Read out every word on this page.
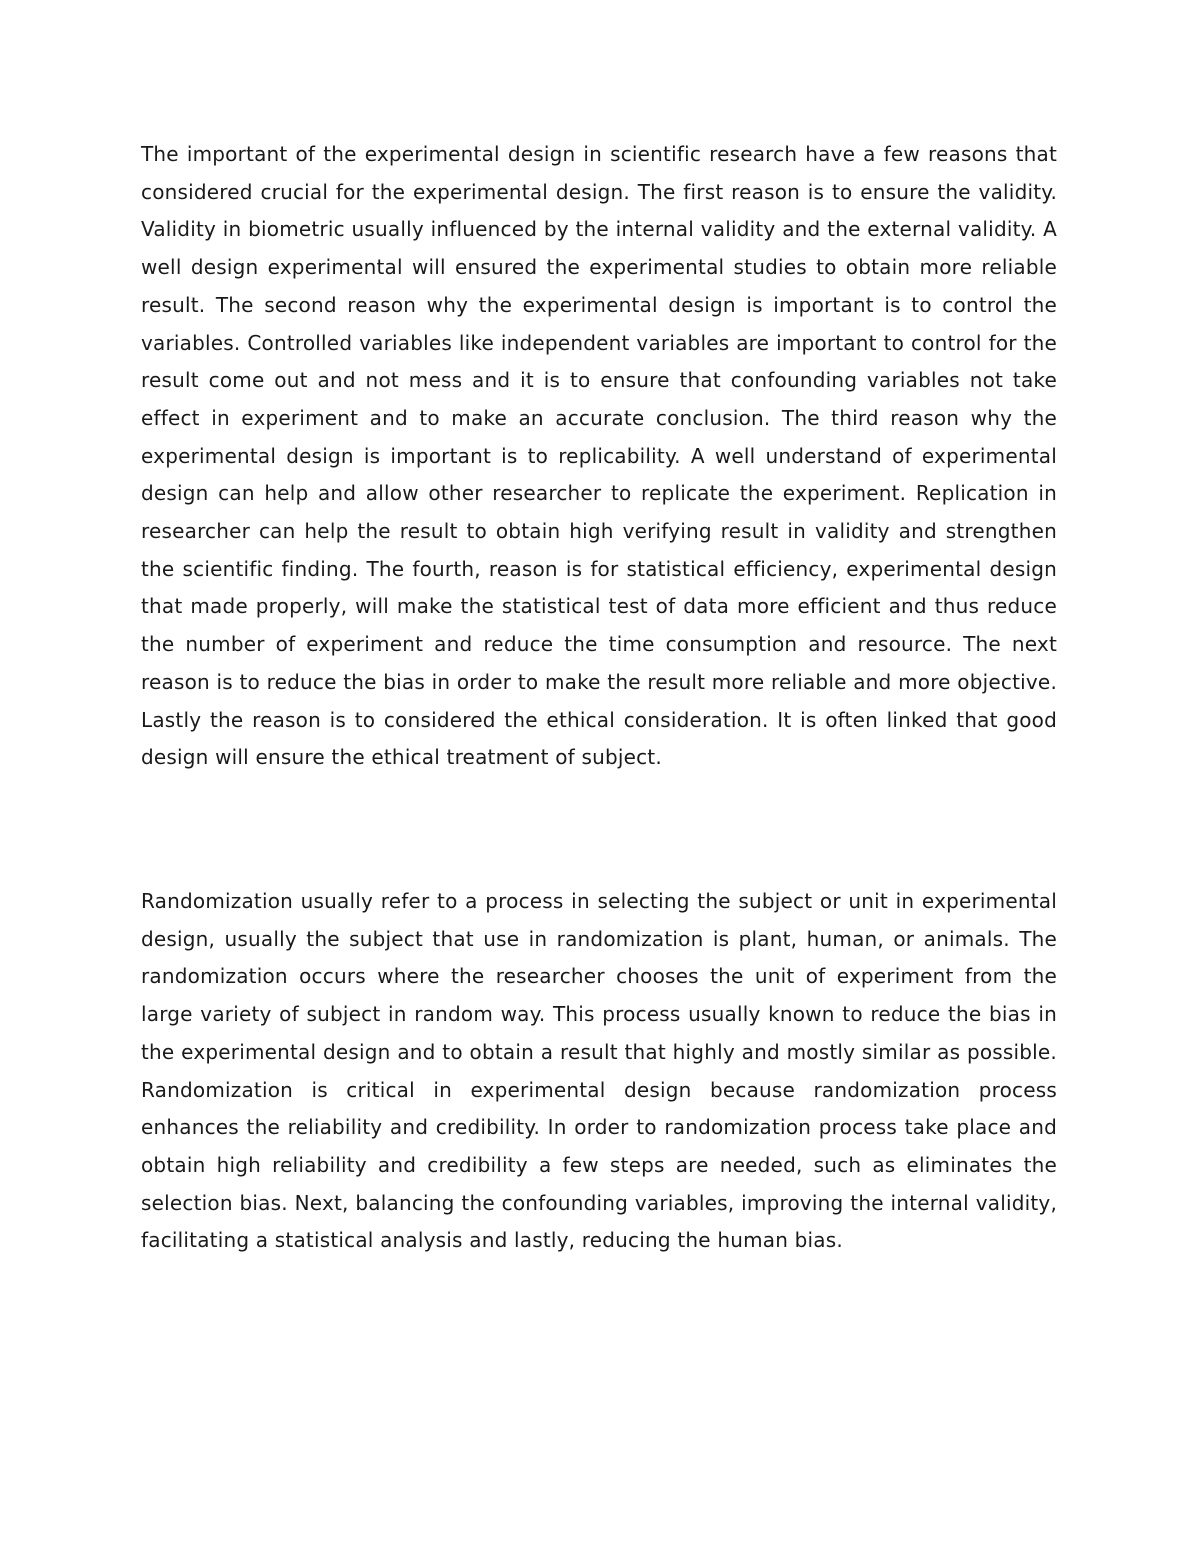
The important of the experimental design in scientific research have a few reasons that considered crucial for the experimental design. The first reason is to ensure the validity. Validity in biometric usually influenced by the internal validity and the external validity. A well design experimental will ensured the experimental studies to obtain more reliable result. The second reason why the experimental design is important is to control the variables. Controlled variables like independent variables are important to control for the result come out and not mess and it is to ensure that confounding variables not take effect in experiment and to make an accurate conclusion. The third reason why the experimental design is important is to replicability. A well understand of experimental design can help and allow other researcher to replicate the experiment. Replication in researcher can help the result to obtain high verifying result in validity and strengthen the scientific finding. The fourth, reason is for statistical efficiency, experimental design that made properly, will make the statistical test of data more efficient and thus reduce the number of experiment and reduce the time consumption and resource. The next reason is to reduce the bias in order to make the result more reliable and more objective. Lastly the reason is to considered the ethical consideration. It is often linked that good design will ensure the ethical treatment of subject.

Randomization usually refer to a process in selecting the subject or unit in experimental design, usually the subject that use in randomization is plant, human, or animals. The randomization occurs where the researcher chooses the unit of experiment from the large variety of subject in random way. This process usually known to reduce the bias in the experimental design and to obtain a result that highly and mostly similar as possible. Randomization is critical in experimental design because randomization process enhances the reliability and credibility. In order to randomization process take place and obtain high reliability and credibility a few steps are needed, such as eliminates the selection bias. Next, balancing the confounding variables, improving the internal validity, facilitating a statistical analysis and lastly, reducing the human bias.
